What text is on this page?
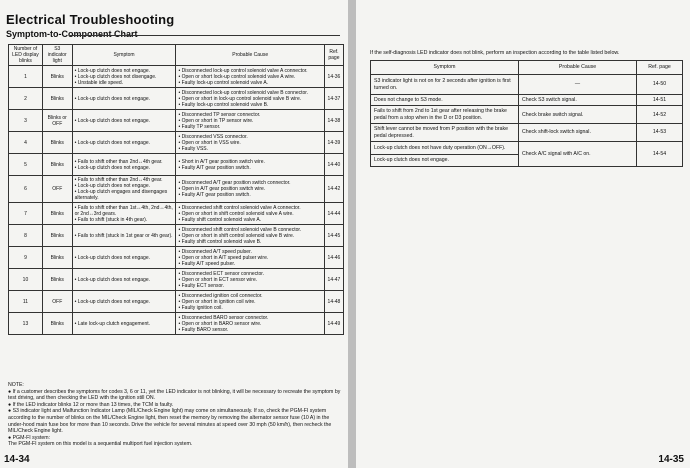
Electrical Troubleshooting
Symptom-to-Component Chart
Number of LED display blinks	S3 indicator light	Symptom	Probable Cause	Ref. page
1	Blinks	• Lock-up clutch does not engage.
• Lock-up clutch does not disengage.
• Unstable idle speed.	• Disconnected lock-up control solenoid valve A connector.
• Open or short lock-up control solenoid valve A wire.
• Faulty lock-up control solenoid valve A.	14-36
2	Blinks	• Lock-up clutch does not engage.	• Disconnected lock-up control solenoid valve B connector.
• Open or short in lock-up control solenoid valve B wire.
• Faulty lock-up control solenoid valve B.	14-37
3	Blinks or OFF	• Lock-up clutch does not engage.	• Disconnected TP sensor connector.
• Open or short in TP sensor wire.
• Faulty TP sensor.	14-38
4	Blinks	• Lock-up clutch does not engage.	• Disconnected VSS connector.
• Open or short in VSS wire.
• Faulty VSS.	14-39
5	Blinks	• Fails to shift other than 2nd↔4th gear.
• Lock-up clutch does not engage.	• Short in A/T gear position switch wire.
• Faulty A/T gear position switch.	14-40
6	OFF	• Fails to shift other than 2nd↔4th gear.
• Lock-up clutch does not engage.
• Lock-up clutch engages and disengages alternately.	• Disconnected A/T gear position switch connector.
• Open in A/T gear position switch wire.
• Faulty A/T gear position switch.	14-42
7	Blinks	• Fails to shift other than 1st↔4th, 2nd↔4th, or 2nd↔3rd gears.
• Fails to shift (stuck in 4th gear).	• Disconnected shift control solenoid valve A connector.
• Open or short in shift control solenoid valve A wire.
• Faulty shift control solenoid valve A.	14-44
8	Blinks	• Fails to shift (stuck in 1st gear or 4th gear).	• Disconnected shift control solenoid valve B connector.
• Open or short in shift control solenoid valve B wire.
• Faulty shift control solenoid valve B.	14-45
9	Blinks	• Lock-up clutch does not engage.	• Disconnected A/T speed pulser.
• Open or short in A/T speed pulser wire.
• Faulty A/T speed pulser.	14-46
10	Blinks	• Lock-up clutch does not engage.	• Disconnected ECT sensor connector.
• Open or short in ECT sensor wire.
• Faulty ECT sensor.	14-47
11	OFF	• Lock-up clutch does not engage.	• Disconnected ignition coil connector.
• Open or short in ignition coil wire.
• Faulty ignition coil.	14-48
13	Blinks	• Late lock-up clutch engagement.	• Disconnected BARO sensor connector.
• Open or short in BARO sensor wire.
• Faulty BARO sensor.	14-49
NOTE:
● If a customer describes the symptoms for codes 3, 6 or 11, yet the LED indicator is not blinking, it will be necessary to recreate the symptom by test driving, and then checking the LED with the ignition still ON.
● If the LED indicator blinks 12 or more than 13 times, the TCM is faulty.
● S3 indicator light and Malfunction Indicator Lamp (MIL/Check Engine light) may come on simultaneously. If so, check the PGM-FI system according to the number of blinks on the MIL/Check Engine light, then reset the memory by removing the alternator sensor fuse (10 A) in the under-hood main fuse box for more than 10 seconds. Drive the vehicle for several minutes at speed over 30 mph (50 km/h), then recheck the MIL/Check Engine light.
● PGM-FI system:
The PGM-FI system on this model is a sequential multiport fuel injection system.
14-34
If the self-diagnosis LED indicator does not blink, perform an inspection according to the table listed below.
Symptom	Probable Cause	Ref. page
S3 indicator light is not on for 2 seconds after ignition is first turned on.	—	14-50
Does not change to S3 mode.	Check S3 switch signal.	14-51
Fails to shift from 2nd to 1st gear after releasing the brake pedal from a stop when in the D or D3 position.	Check brake switch signal.	14-52
Shift lever cannot be moved from P position with the brake pedal depressed.	Check shift-lock switch signal.	14-53
Lock-up clutch does not have duty operation (ON→OFF).	Check A/C signal with A/C on.	14-54
Lock-up clutch does not engage.		
14-35
